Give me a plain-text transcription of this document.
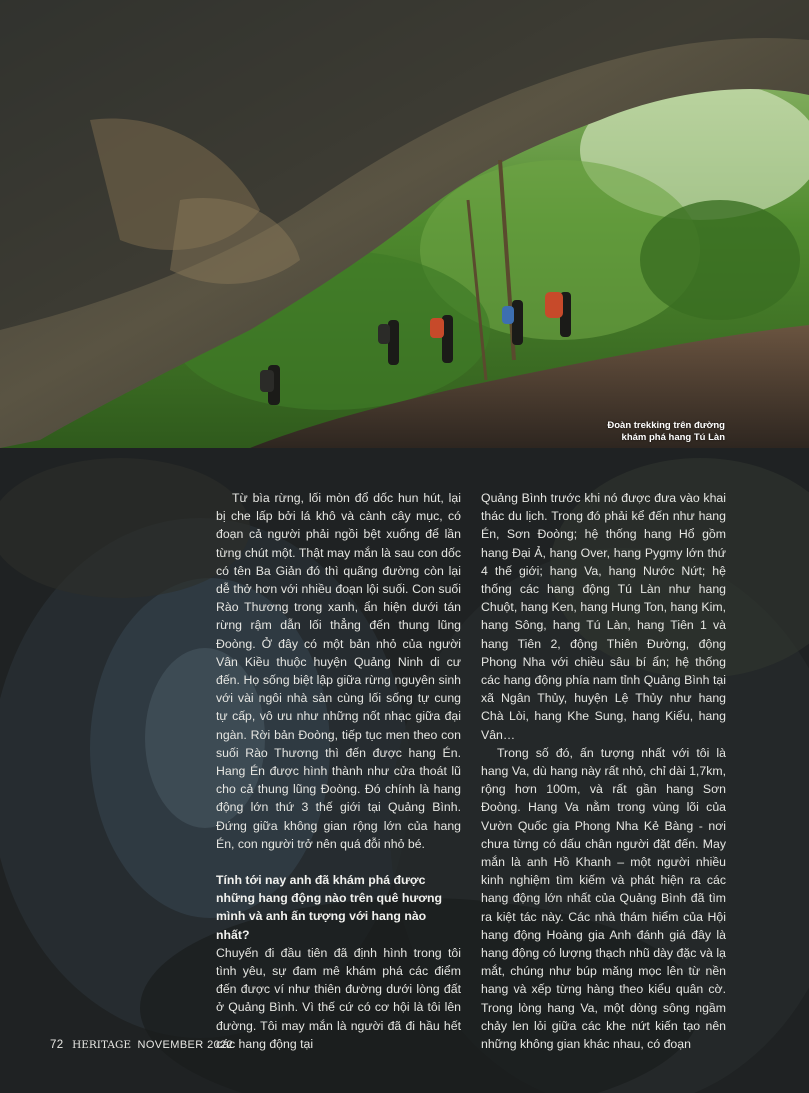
Đoàn trekking trên đường
khám phá hang Tú Làn

Từ bìa rừng, lối mòn đổ dốc hun hút, lại bị che lấp bởi lá khô và cành cây mục, có đoạn cả người phải ngồi bệt xuống để lần từng chút một. Thật may mắn là sau con dốc có tên Ba Giản đó thì quãng đường còn lại dễ thở hơn với nhiều đoạn lội suối. Con suối Rào Thương trong xanh, ẩn hiện dưới tán rừng rậm dẫn lối thẳng đến thung lũng Đoòng. Ở đây có một bản nhỏ của người Vân Kiều thuộc huyện Quảng Ninh di cư đến. Họ sống biệt lập giữa rừng nguyên sinh với vài ngôi nhà sàn cùng lối sống tự cung tự cấp, vô ưu như những nốt nhạc giữa đại ngàn. Rời bản Đoòng, tiếp tục men theo con suối Rào Thương thì đến được hang Én. Hang Én được hình thành như cửa thoát lũ cho cả thung lũng Đoòng. Đó chính là hang động lớn thứ 3 thế giới tại Quảng Bình. Đứng giữa không gian rộng lớn của hang Én, con người trở nên quá đỗi nhỏ bé.

Tính tới nay anh đã khám phá được những hang động nào trên quê hương mình và anh ấn tượng với hang nào nhất?

Chuyến đi đầu tiên đã định hình trong tôi tình yêu, sự đam mê khám phá các điểm đến được ví như thiên đường dưới lòng đất ở Quảng Bình. Vì thế cứ có cơ hội là tôi lên đường. Tôi may mắn là người đã đi hầu hết các hang động tại

Quảng Bình trước khi nó được đưa vào khai thác du lịch. Trong đó phải kể đến như hang Én, Sơn Đoòng; hệ thống hang Hổ gồm hang Đại Ả, hang Over, hang Pygmy lớn thứ 4 thế giới; hang Va, hang Nước Nứt; hệ thống các hang động Tú Làn như hang Chuột, hang Ken, hang Hung Ton, hang Kim, hang Sông, hang Tú Làn, hang Tiên 1 và hang Tiên 2, động Thiên Đường, động Phong Nha với chiều sâu bí ẩn; hệ thống các hang động phía nam tỉnh Quảng Bình tại xã Ngân Thủy, huyện Lệ Thủy như hang Chà Lòi, hang Khe Sung, hang Kiểu, hang Vân…

Trong số đó, ấn tượng nhất với tôi là hang Va, dù hang này rất nhỏ, chỉ dài 1,7km, rộng hơn 100m, và rất gần hang Sơn Đoòng. Hang Va nằm trong vùng lõi của Vườn Quốc gia Phong Nha Kẻ Bàng - nơi chưa từng có dấu chân người đặt đến. May mắn là anh Hồ Khanh – một người nhiều kinh nghiệm tìm kiếm và phát hiện ra các hang động lớn nhất của Quảng Bình đã tìm ra kiệt tác này. Các nhà thám hiểm của Hội hang động Hoàng gia Anh đánh giá đây là hang động có lượng thạch nhũ dày đặc và lạ mắt, chúng như búp măng mọc lên từ nền hang và xếp từng hàng theo kiểu quân cờ. Trong lòng hang Va, một dòng sông ngầm chảy len lỏi giữa các khe nứt kiến tạo nên những không gian khác nhau, có đoạn

72 HERITAGE NOVEMBER 2022
